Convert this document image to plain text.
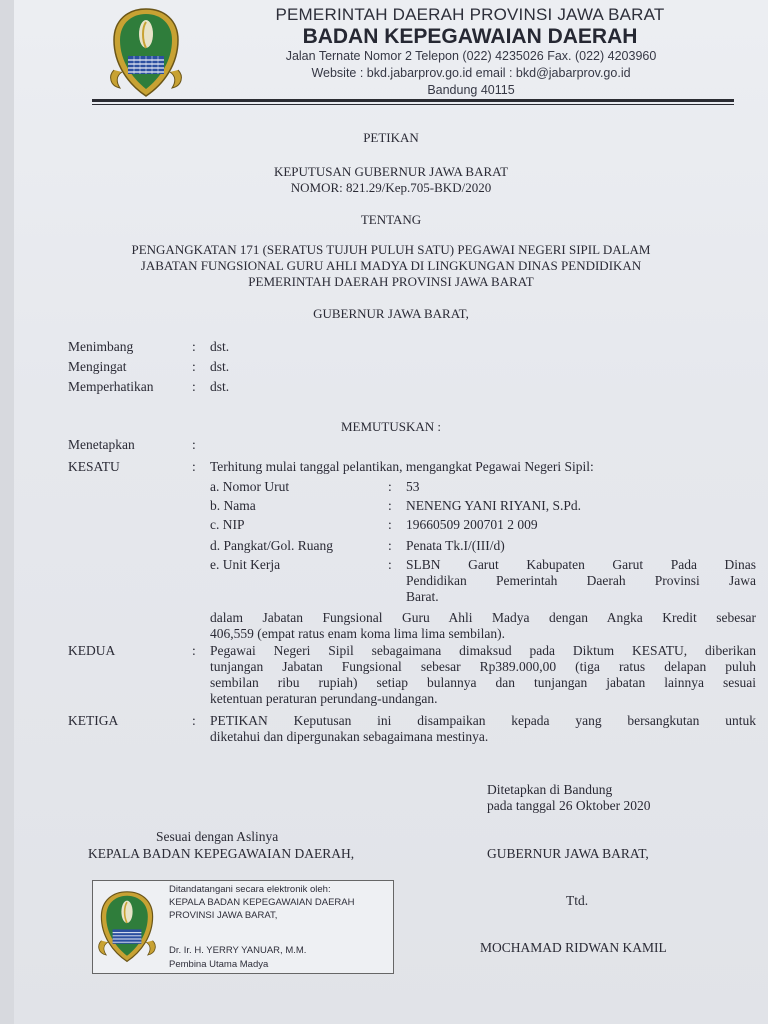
PEMERINTAH DAERAH PROVINSI JAWA BARAT
BADAN KEPEGAWAIAN DAERAH
Jalan Ternate Nomor 2 Telepon (022) 4235026 Fax. (022) 4203960
Website : bkd.jabarprov.go.id email : bkd@jabarprov.go.id
Bandung 40115
PETIKAN
KEPUTUSAN GUBERNUR JAWA BARAT
NOMOR: 821.29/Kep.705-BKD/2020
TENTANG
PENGANGKATAN 171 (SERATUS TUJUH PULUH SATU) PEGAWAI NEGERI SIPIL DALAM
JABATAN FUNGSIONAL GURU AHLI MADYA DI LINGKUNGAN DINAS PENDIDIKAN
PEMERINTAH DAERAH PROVINSI JAWA BARAT
GUBERNUR JAWA BARAT,
Menimbang	: dst.
Mengingat	: dst.
Memperhatikan	: dst.
MEMUTUSKAN :
Menetapkan	:
KESATU	: Terhitung mulai tanggal pelantikan, mengangkat Pegawai Negeri Sipil:
a. Nomor Urut	: 53
b. Nama	: NENENG YANI RIYANI, S.Pd.
c. NIP	: 19660509 200701 2 009
d. Pangkat/Gol. Ruang	: Penata Tk.I/(III/d)
e. Unit Kerja	: SLBN Garut Kabupaten Garut Pada Dinas
Pendidikan Pemerintah Daerah Provinsi Jawa
Barat.
dalam Jabatan Fungsional Guru Ahli Madya dengan Angka Kredit sebesar
406,559 (empat ratus enam koma lima lima sembilan).
KEDUA	: Pegawai Negeri Sipil sebagaimana dimaksud pada Diktum KESATU, diberikan
tunjangan Jabatan Fungsional sebesar Rp389.000,00 (tiga ratus delapan puluh
sembilan ribu rupiah) setiap bulannya dan tunjangan jabatan lainnya sesuai
ketentuan peraturan perundang-undangan.
KETIGA	: PETIKAN Keputusan ini disampaikan kepada yang bersangkutan untuk
diketahui dan dipergunakan sebagaimana mestinya.
Ditetapkan di Bandung
pada tanggal 26 Oktober 2020
Sesuai dengan Aslinya
KEPALA BADAN KEPEGAWAIAN DAERAH,	GUBERNUR JAWA BARAT,
Ttd.
MOCHAMAD RIDWAN KAMIL
Ditandatangani secara elektronik oleh:
KEPALA BADAN KEPEGAWAIAN DAERAH
PROVINSI JAWA BARAT,
Dr. Ir. H. YERRY YANUAR, M.M.
Pembina Utama Madya
